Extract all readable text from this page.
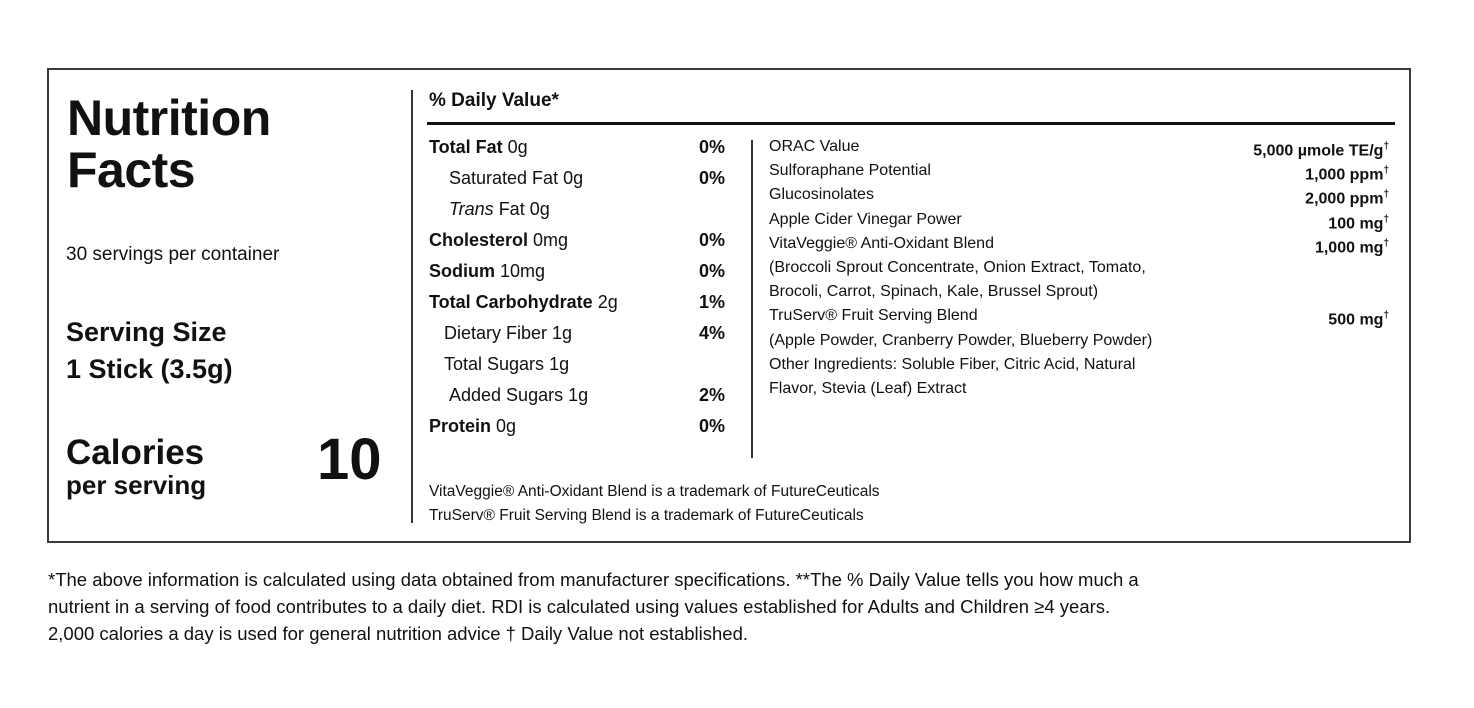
Nutrition
Facts
30 servings per container
Serving Size
1 Stick (3.5g)
Calories
per serving 10
% Daily Value*
Total Fat 0g	0%
Saturated Fat 0g	0%
Trans Fat 0g
Cholesterol 0mg	0%
Sodium 10mg	0%
Total Carbohydrate 2g	1%
Dietary Fiber 1g	4%
Total Sugars 1g
Added Sugars 1g	2%
Protein 0g	0%
ORAC Value	5,000 µmole TE/g†
Sulforaphane Potential	1,000 ppm†
Glucosinolates	2,000 ppm†
Apple Cider Vinegar Power	100 mg†
VitaVeggie® Anti-Oxidant Blend	1,000 mg†
(Broccoli Sprout Concentrate, Onion Extract, Tomato,
Brocoli, Carrot, Spinach, Kale, Brussel Sprout)
TruServ® Fruit Serving Blend	500 mg†
(Apple Powder, Cranberry Powder, Blueberry Powder)
Other Ingredients: Soluble Fiber, Citric Acid, Natural
Flavor, Stevia (Leaf) Extract
VitaVeggie® Anti-Oxidant Blend is a trademark of FutureCeuticals
TruServ® Fruit Serving Blend is a trademark of FutureCeuticals

*The above information is calculated using data obtained from manufacturer specifications. **The % Daily Value tells you how much a

nutrient in a serving of food contributes to a daily diet. RDI is calculated using values established for Adults and Children ≥4 years.

2,000 calories a day is used for general nutrition advice † Daily Value not established.
